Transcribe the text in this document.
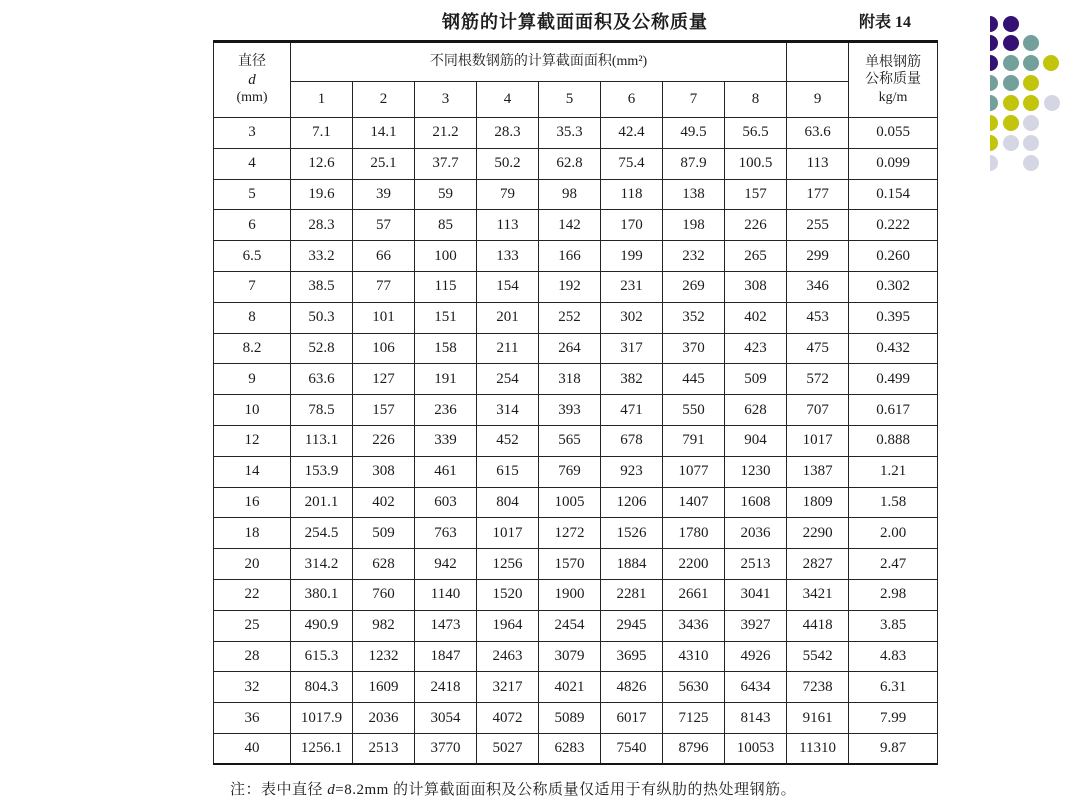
钢筋的计算截面面积及公称质量	附表 14
直径
d
(mm)
	不同根数钢筋的计算截面面积(mm²)		单根钢筋
公称质量
kg/m

	1	2	3	4	5	6	7	8	9	
3	7.1	14.1	21.2	28.3	35.3	42.4	49.5	56.5	63.6	0.055
4	12.6	25.1	37.7	50.2	62.8	75.4	87.9	100.5	113	0.099
5	19.6	39	59	79	98	118	138	157	177	0.154
6	28.3	57	85	113	142	170	198	226	255	0.222
6.5	33.2	66	100	133	166	199	232	265	299	0.260
7	38.5	77	115	154	192	231	269	308	346	0.302
8	50.3	101	151	201	252	302	352	402	453	0.395
8.2	52.8	106	158	211	264	317	370	423	475	0.432
9	63.6	127	191	254	318	382	445	509	572	0.499
10	78.5	157	236	314	393	471	550	628	707	0.617
12	113.1	226	339	452	565	678	791	904	1017	0.888
14	153.9	308	461	615	769	923	1077	1230	1387	1.21
16	201.1	402	603	804	1005	1206	1407	1608	1809	1.58
18	254.5	509	763	1017	1272	1526	1780	2036	2290	2.00
20	314.2	628	942	1256	1570	1884	2200	2513	2827	2.47
22	380.1	760	1140	1520	1900	2281	2661	3041	3421	2.98
25	490.9	982	1473	1964	2454	2945	3436	3927	4418	3.85
28	615.3	1232	1847	2463	3079	3695	4310	4926	5542	4.83
32	804.3	1609	2418	3217	4021	4826	5630	6434	7238	6.31
36	1017.9	2036	3054	4072	5089	6017	7125	8143	9161	7.99
40	1256.1	2513	3770	5027	6283	7540	8796	10053	11310	9.87
注：表中直径 d=8.2mm 的计算截面面积及公称质量仅适用于有纵肋的热处理钢筋。
